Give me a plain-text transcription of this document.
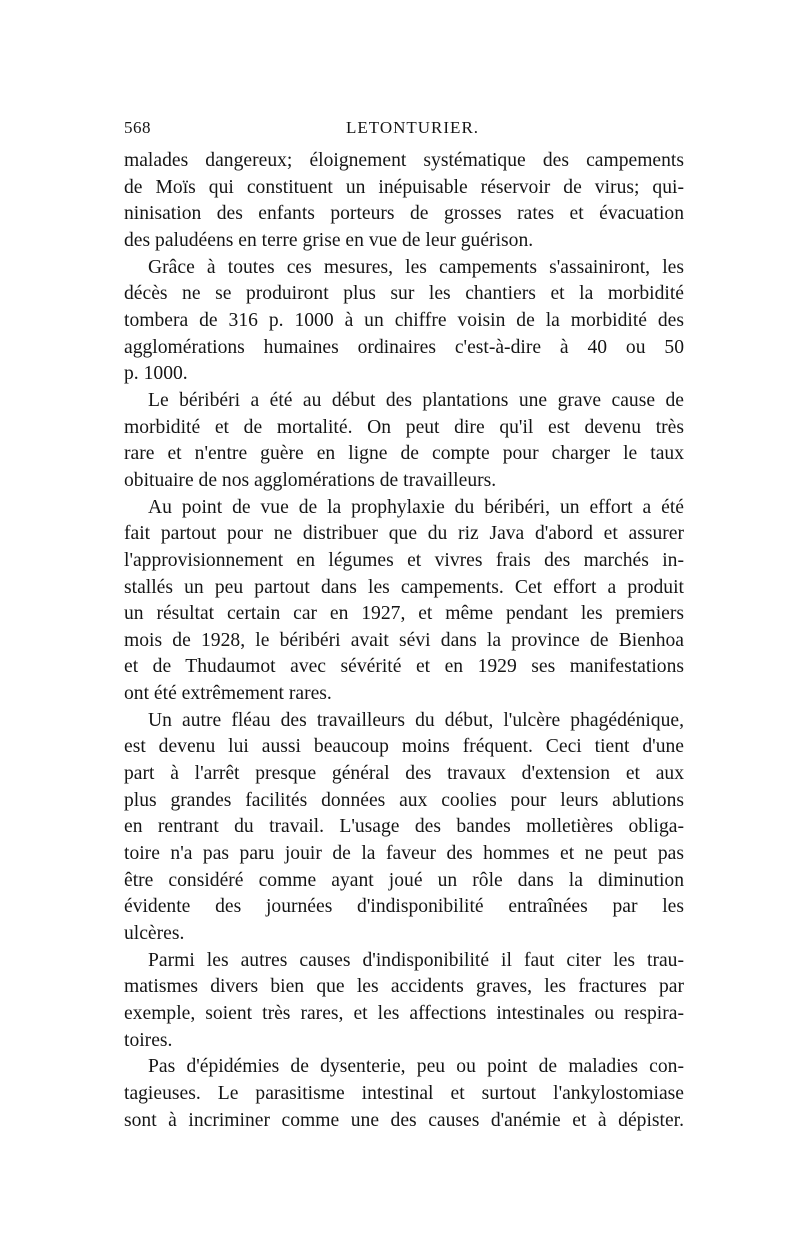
568	LETONTURIER.

malades dangereux; éloignement systématique des campements
de Moïs qui constituent un inépuisable réservoir de virus; qui-
ninisation des enfants porteurs de grosses rates et évacuation
des paludéens en terre grise en vue de leur guérison.

Grâce à toutes ces mesures, les campements s'assainiront, les
décès ne se produiront plus sur les chantiers et la morbidité
tombera de 316 p. 1000 à un chiffre voisin de la morbidité des
agglomérations humaines ordinaires c'est-à-dire à 40 ou 50
p. 1000.

Le béribéri a été au début des plantations une grave cause de
morbidité et de mortalité. On peut dire qu'il est devenu très
rare et n'entre guère en ligne de compte pour charger le taux
obituaire de nos agglomérations de travailleurs.

Au point de vue de la prophylaxie du béribéri, un effort a été
fait partout pour ne distribuer que du riz Java d'abord et assurer
l'approvisionnement en légumes et vivres frais des marchés in-
stallés un peu partout dans les campements. Cet effort a produit
un résultat certain car en 1927, et même pendant les premiers
mois de 1928, le béribéri avait sévi dans la province de Bienhoa
et de Thudaumot avec sévérité et en 1929 ses manifestations
ont été extrêmement rares.

Un autre fléau des travailleurs du début, l'ulcère phagédénique,
est devenu lui aussi beaucoup moins fréquent. Ceci tient d'une
part à l'arrêt presque général des travaux d'extension et aux
plus grandes facilités données aux coolies pour leurs ablutions
en rentrant du travail. L'usage des bandes molletières obliga-
toire n'a pas paru jouir de la faveur des hommes et ne peut pas
être considéré comme ayant joué un rôle dans la diminution
évidente des journées d'indisponibilité entraînées par les
ulcères.

Parmi les autres causes d'indisponibilité il faut citer les trau-
matismes divers bien que les accidents graves, les fractures par
exemple, soient très rares, et les affections intestinales ou respira-
toires.

Pas d'épidémies de dysenterie, peu ou point de maladies con-
tagieuses. Le parasitisme intestinal et surtout l'ankylostomiase
sont à incriminer comme une des causes d'anémie et à dépister.
